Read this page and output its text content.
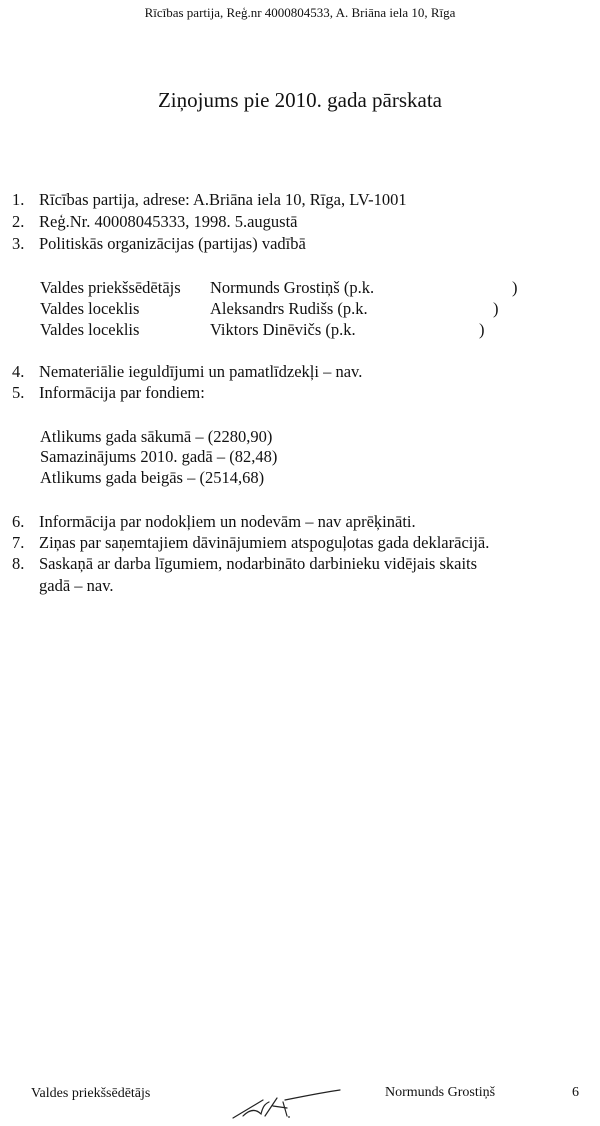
Rīcības partija, Reģ.nr 4000804533, A. Briāna iela 10, Rīga
Ziņojums pie 2010. gada pārskata
1. Rīcības partija, adrese: A.Briāna iela 10, Rīga, LV-1001
2. Reģ.Nr. 40008045333, 1998. 5.augustā
3. Politiskās organizācijas (partijas) vadībā
Valdes priekšsēdētājs Normunds Grostiņš (p.k.	)
Valdes loceklis	Aleksandrs Rudišs (p.k.	)
Valdes loceklis	Viktors Dinēvičs (p.k.	)
4. Nemateriālie ieguldījumi un pamatlīdzekļi – nav.
5. Informācija par fondiem:
Atlikums gada sākumā – (2280,90)
Samazinājums 2010. gadā – (82,48)
Atlikums gada beigās – (2514,68)
6. Informācija par nodokļiem un nodevām – nav aprēķināti.
7. Ziņas par saņemtajiem dāvinājumiem atspoguļotas gada deklarācijā.
8. Saskaņā ar darba līgumiem, nodarbināto darbinieku vidējais skaits
gadā – nav.
Valdes priekšsēdētājs	Normunds Grostiņš	6
